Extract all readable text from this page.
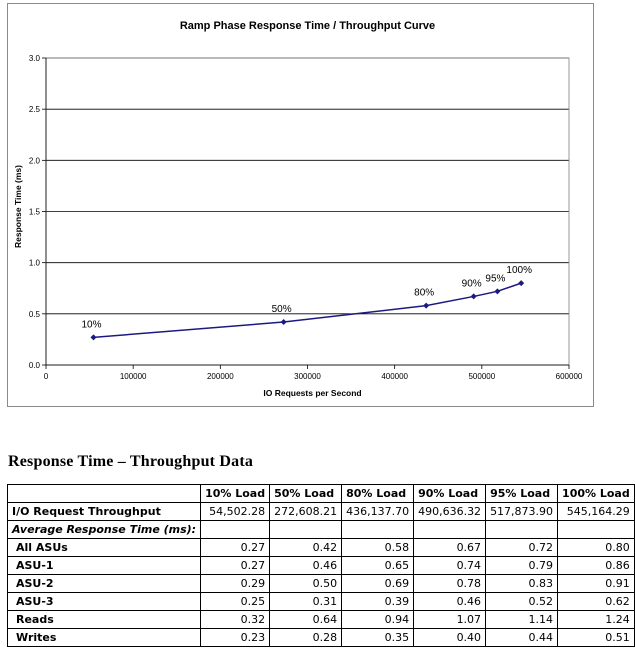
Ramp Phase Response Time / Throughput Curve
0.0
0.5
1.0
1.5
2.0
2.5
3.0
0	100000	200000	300000	400000	500000	600000
IO Requests per Second
Response Time (ms)
10%
50%
80%
90% 95%
100%
Response Time – Throughput Data
	10% Load	50% Load	80% Load	90% Load	95% Load	100% Load
I/O Request Throughput	54,502.28	272,608.21	436,137.70	490,636.32	517,873.90	545,164.29
Average Response Time (ms):						
All ASUs	0.27	0.42	0.58	0.67	0.72	0.80
ASU-1	0.27	0.46	0.65	0.74	0.79	0.86
ASU-2	0.29	0.50	0.69	0.78	0.83	0.91
ASU-3	0.25	0.31	0.39	0.46	0.52	0.62
Reads	0.32	0.64	0.94	1.07	1.14	1.24
Writes	0.23	0.28	0.35	0.40	0.44	0.51
